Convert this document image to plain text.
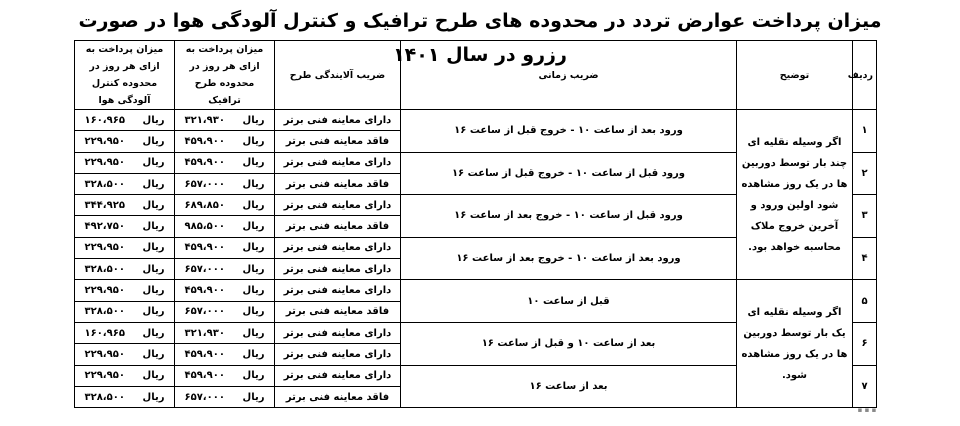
میزان پرداخت عوارض تردد در محدوده های طرح ترافیک و کنترل آلودگی هوا در صورت رزرو در سال ۱۴۰۱
ردیف	توضیح	ضریب زمانی	ضریب آلایندگی طرح	میزان پرداخت به ازای هر روز در محدوده طرح ترافیک	میزان پرداخت به ازای هر روز در محدوده کنترل آلودگی هوا
۱	اگر وسیله نقلیه ای چند بار توسط دوربین ها در یک روز مشاهده شود اولین ورود و آخرین خروج ملاک محاسبه خواهد بود.	ورود بعد از ساعت ۱۰ - خروج قبل از ساعت ۱۶	دارای معاینه فنی برتر	ریال۳۲۱،۹۳۰	ریال۱۶۰،۹۶۵
			فاقد معاینه فنی برتر	ریال۴۵۹،۹۰۰	ریال۲۲۹،۹۵۰
۲		ورود قبل از ساعت ۱۰ - خروج قبل از ساعت ۱۶	دارای معاینه فنی برتر	ریال۴۵۹،۹۰۰	ریال۲۲۹،۹۵۰
			فاقد معاینه فنی برتر	ریال۶۵۷،۰۰۰	ریال۳۲۸،۵۰۰
۳		ورود قبل از ساعت ۱۰ - خروج بعد از ساعت ۱۶	دارای معاینه فنی برتر	ریال۶۸۹،۸۵۰	ریال۳۴۴،۹۲۵
			فاقد معاینه فنی برتر	ریال۹۸۵،۵۰۰	ریال۴۹۲،۷۵۰
۴		ورود بعد از ساعت ۱۰ - خروج بعد از ساعت ۱۶	دارای معاینه فنی برتر	ریال۴۵۹،۹۰۰	ریال۲۲۹،۹۵۰
			دارای معاینه فنی برتر	ریال۶۵۷،۰۰۰	ریال۳۲۸،۵۰۰
۵	اگر وسیله نقلیه ای یک بار توسط دوربین ها در یک روز مشاهده شود.	قبل از ساعت ۱۰	دارای معاینه فنی برتر	ریال۴۵۹،۹۰۰	ریال۲۲۹،۹۵۰
			فاقد معاینه فنی برتر	ریال۶۵۷،۰۰۰	ریال۳۲۸،۵۰۰
۶		بعد از ساعت ۱۰ و قبل از ساعت ۱۶	دارای معاینه فنی برتر	ریال۳۲۱،۹۳۰	ریال۱۶۰،۹۶۵
			دارای معاینه فنی برتر	ریال۴۵۹،۹۰۰	ریال۲۲۹،۹۵۰
۷		بعد از ساعت ۱۶	دارای معاینه فنی برتر	ریال۴۵۹،۹۰۰	ریال۲۲۹،۹۵۰
			فاقد معاینه فنی برتر	ریال۶۵۷،۰۰۰	ریال۳۲۸،۵۰۰
▪ ▪ ▪
